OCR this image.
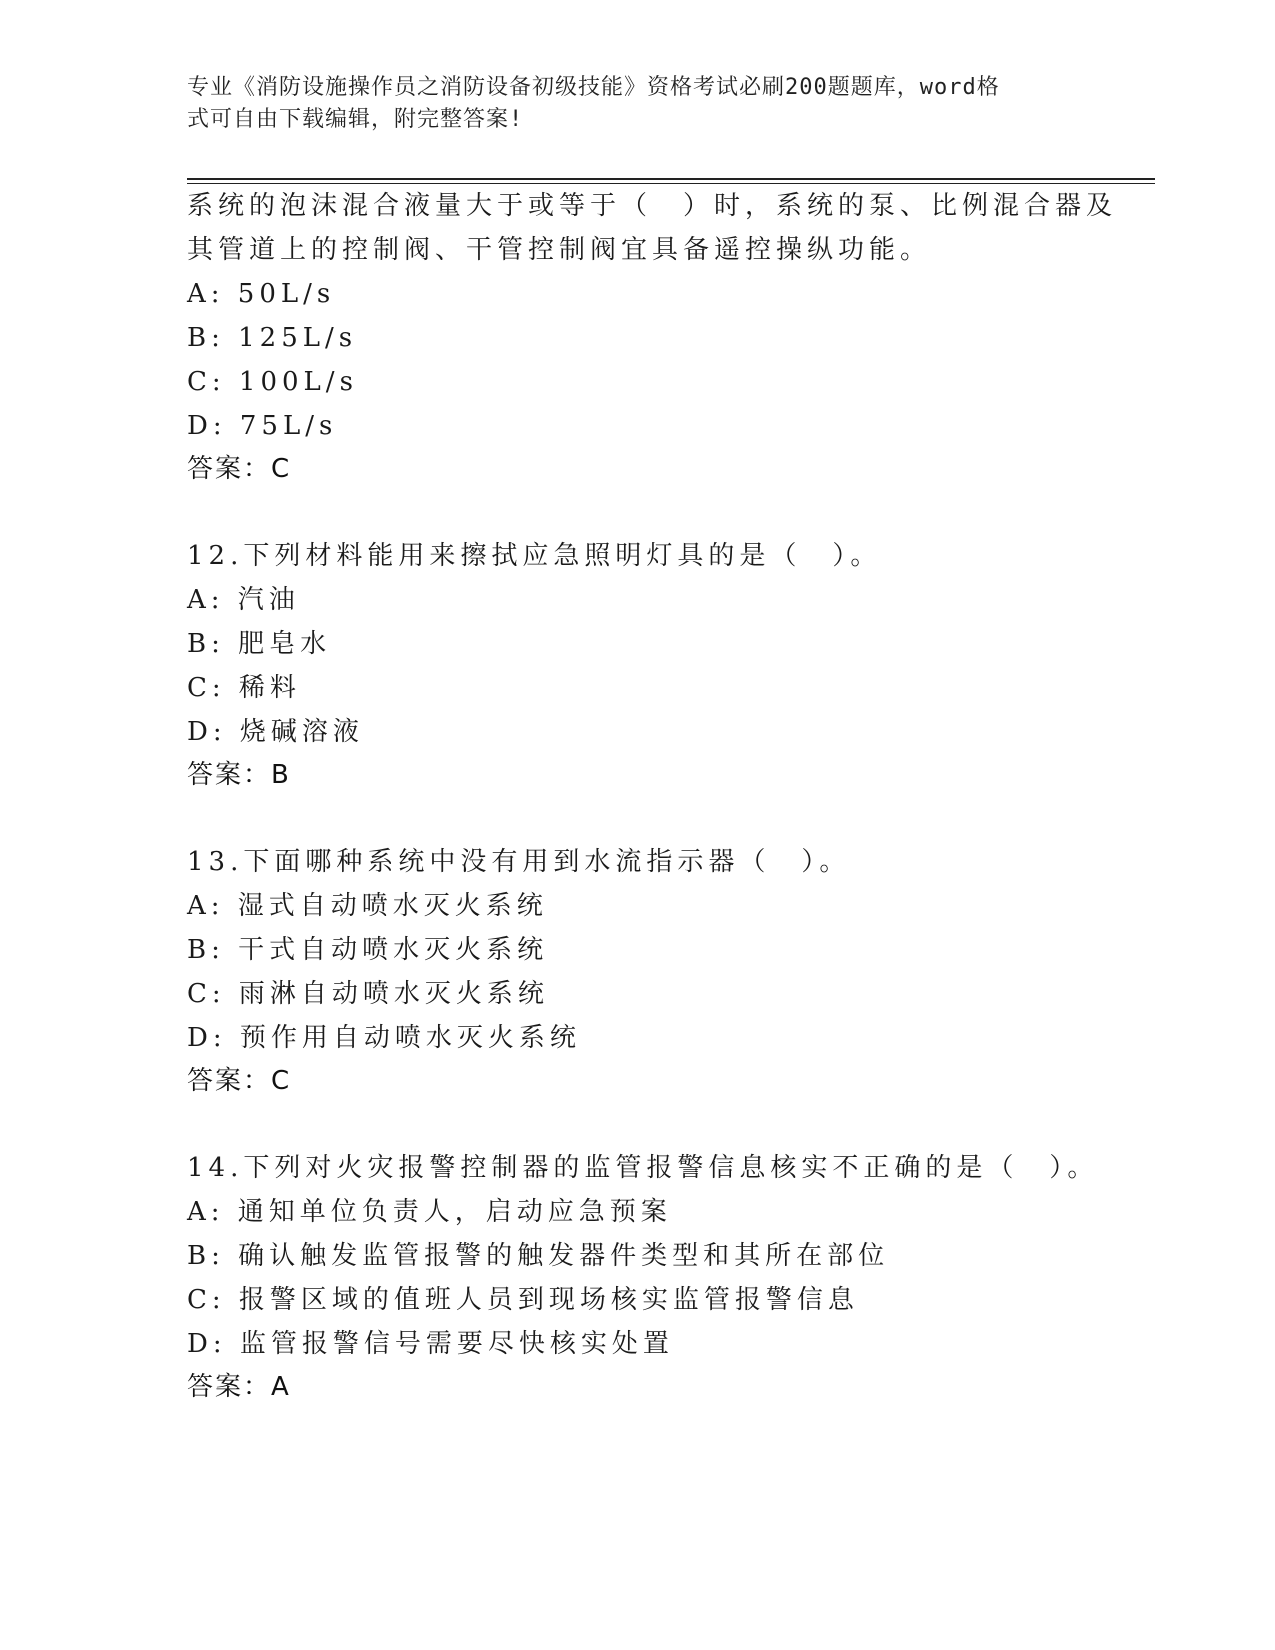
专业《消防设施操作员之消防设备初级技能》资格考试必刷200题题库，word格
式可自由下载编辑，附完整答案!
系统的泡沫混合液量大于或等于（　）时，系统的泵、比例混合器及
其管道上的控制阀、干管控制阀宜具备遥控操纵功能。
A: 50L/s
B: 125L/s
C: 100L/s
D: 75L/s
答案：C
12.下列材料能用来擦拭应急照明灯具的是（　）。
A: 汽油
B: 肥皂水
C: 稀料
D: 烧碱溶液
答案：B
13.下面哪种系统中没有用到水流指示器（　）。
A: 湿式自动喷水灭火系统
B: 干式自动喷水灭火系统
C: 雨淋自动喷水灭火系统
D: 预作用自动喷水灭火系统
答案：C
14.下列对火灾报警控制器的监管报警信息核实不正确的是（　）。
A: 通知单位负责人，启动应急预案
B: 确认触发监管报警的触发器件类型和其所在部位
C: 报警区域的值班人员到现场核实监管报警信息
D: 监管报警信号需要尽快核实处置
答案：A
